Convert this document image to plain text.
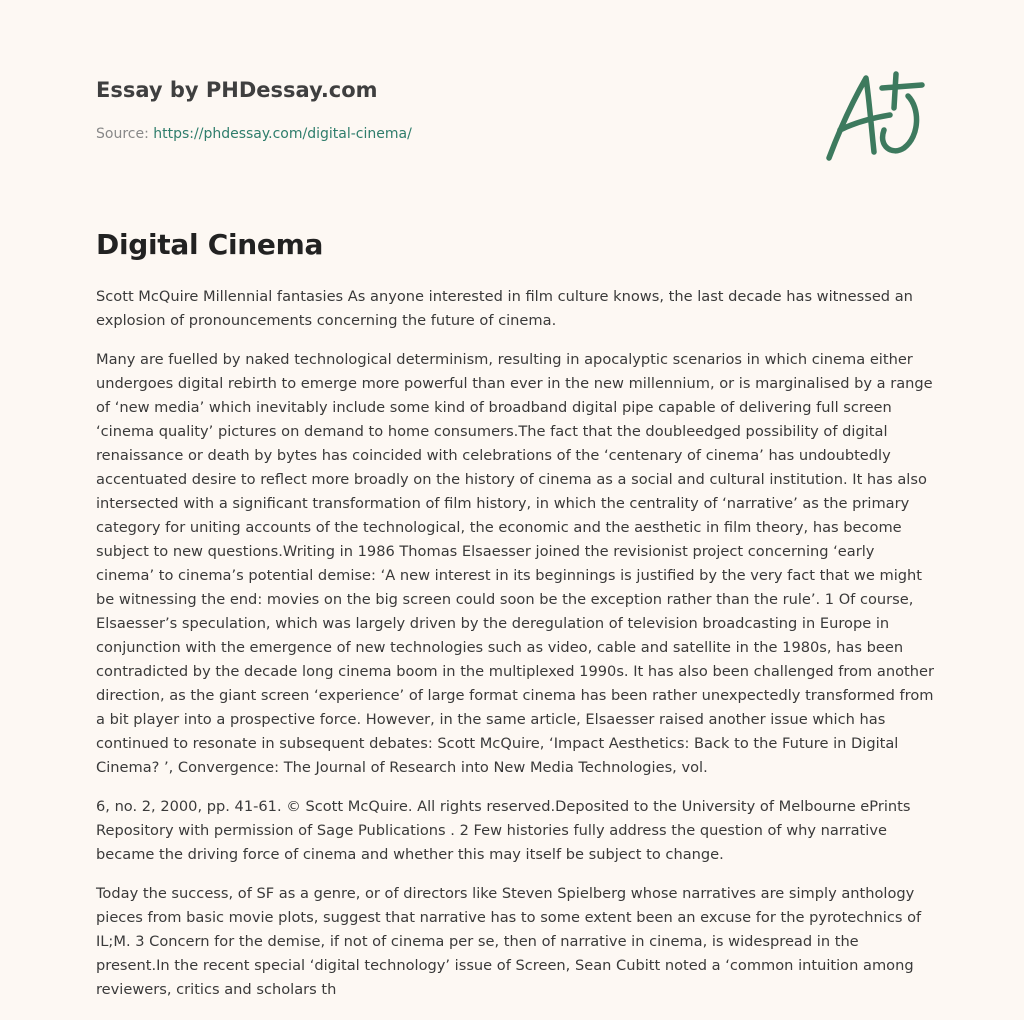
Essay by PHDessay.com
Source: https://phdessay.com/digital-cinema/
Digital Cinema

Scott McQuire Millennial fantasies As anyone interested in film culture knows, the last decade has witnessed an explosion of pronouncements concerning the future of cinema.

Many are fuelled by naked technological determinism, resulting in apocalyptic scenarios in which cinema either undergoes digital rebirth to emerge more powerful than ever in the new millennium, or is marginalised by a range of ‘new media’ which inevitably include some kind of broadband digital pipe capable of delivering full screen ‘cinema quality’ pictures on demand to home consumers.The fact that the doubleedged possibility of digital renaissance or death by bytes has coincided with celebrations of the ‘centenary of cinema’ has undoubtedly accentuated desire to reflect more broadly on the history of cinema as a social and cultural institution. It has also intersected with a significant transformation of film history, in which the centrality of ‘narrative’ as the primary category for uniting accounts of the technological, the economic and the aesthetic in film theory, has become subject to new questions.Writing in 1986 Thomas Elsaesser joined the revisionist project concerning ‘early cinema’ to cinema’s potential demise: ‘A new interest in its beginnings is justified by the very fact that we might be witnessing the end: movies on the big screen could soon be the exception rather than the rule’. 1 Of course, Elsaesser’s speculation, which was largely driven by the deregulation of television broadcasting in Europe in conjunction with the emergence of new technologies such as video, cable and satellite in the 1980s, has been contradicted by the decade long cinema boom in the multiplexed 1990s. It has also been challenged from another direction, as the giant screen ‘experience’ of large format cinema has been rather unexpectedly transformed from a bit player into a prospective force. However, in the same article, Elsaesser raised another issue which has continued to resonate in subsequent debates: Scott McQuire, ‘Impact Aesthetics: Back to the Future in Digital Cinema? ’, Convergence: The Journal of Research into New Media Technologies, vol.

6, no. 2, 2000, pp. 41-61. © Scott McQuire. All rights reserved.Deposited to the University of Melbourne ePrints Repository with permission of Sage Publications . 2 Few histories fully address the question of why narrative became the driving force of cinema and whether this may itself be subject to change.

Today the success, of SF as a genre, or of directors like Steven Spielberg whose narratives are simply anthology pieces from basic movie plots, suggest that narrative has to some extent been an excuse for the pyrotechnics of IL;M. 3 Concern for the demise, if not of cinema per se, then of narrative in cinema, is widespread in the present.In the recent special ‘digital technology’ issue of Screen, Sean Cubitt noted a ‘common intuition among reviewers, critics and scholars th
